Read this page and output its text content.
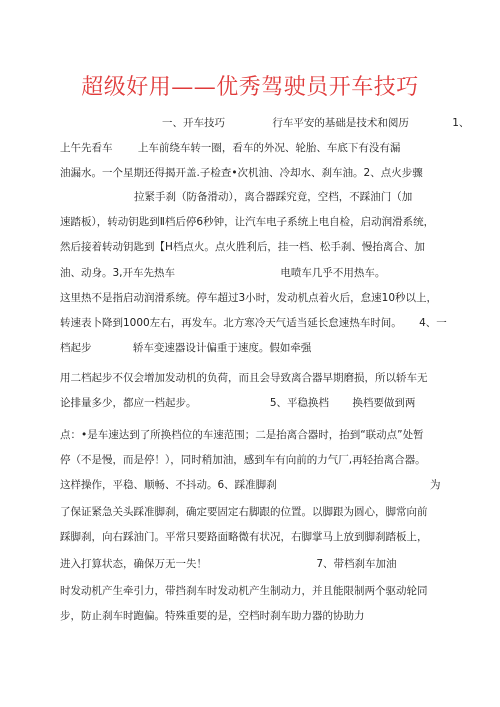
超级好用——优秀驾驶员开车技巧
一、开车技巧	行车平安的基础是技术和阅历	1、
上午先看车 上车前绕车转一圈，看车的外况、轮胎、车底下有没有漏
油漏水。一个星期还得揭开盖.子检查•次机油、冷却水、刹车油。2、点火步骤
拉紧手刹（防备滑动），离合器踩究竟，空档，不踩油门（加
速踏板），转动钥匙到Ⅱ档后停6秒钟，让汽车电子系统上电自检，启动润滑系统，
然后接着转动钥匙到【H档点火。点火胜利后，挂一档、松手刹、慢抬离合、加
油、动身。3,开车先热车	电喷车几乎不用热车。
这里热不是指启动润滑系统。停车超过3小时，发动机点着火后，怠速10秒以上，
转速表卜降到1000左右，再发车。北方寒冷天气适当延长怠速热车时间。 4、一
档起步	轿车变速器设计偏重于速度。假如牵强
用二档起步不仅会增加发动机的负荷，而且会导致离合器早期磨损，所以轿车无
论排量多少，都应一档起步。	5、平稳换档 换档要做到两
点：•是车速达到了所换档位的车速范围；二是抬离合器时，抬到“联动点”处暂
停（不是慢，而是停！），同时稍加油，感到车有向前的力气厂,再轻抬离合器。
这样操作，平稳、顺畅、不抖动。6、踩准脚刹	为
了保证紧急关头踩准脚刹，确定要固定右脚跟的位置。以脚跟为圆心，脚常向前
踩脚刹，向右踩油门。平常只要路面略微有状况，右脚掌马上放到脚刹踏板上，
进入打算状态，确保万无一失！	7、带档刹车加油
时发动机产生牵引力，带挡刹车时发动机产生制动力，并且能限制两个驱动轮同
步，防止刹车时跑偏。特殊重要的是，空档时刹车助力器的协助力
